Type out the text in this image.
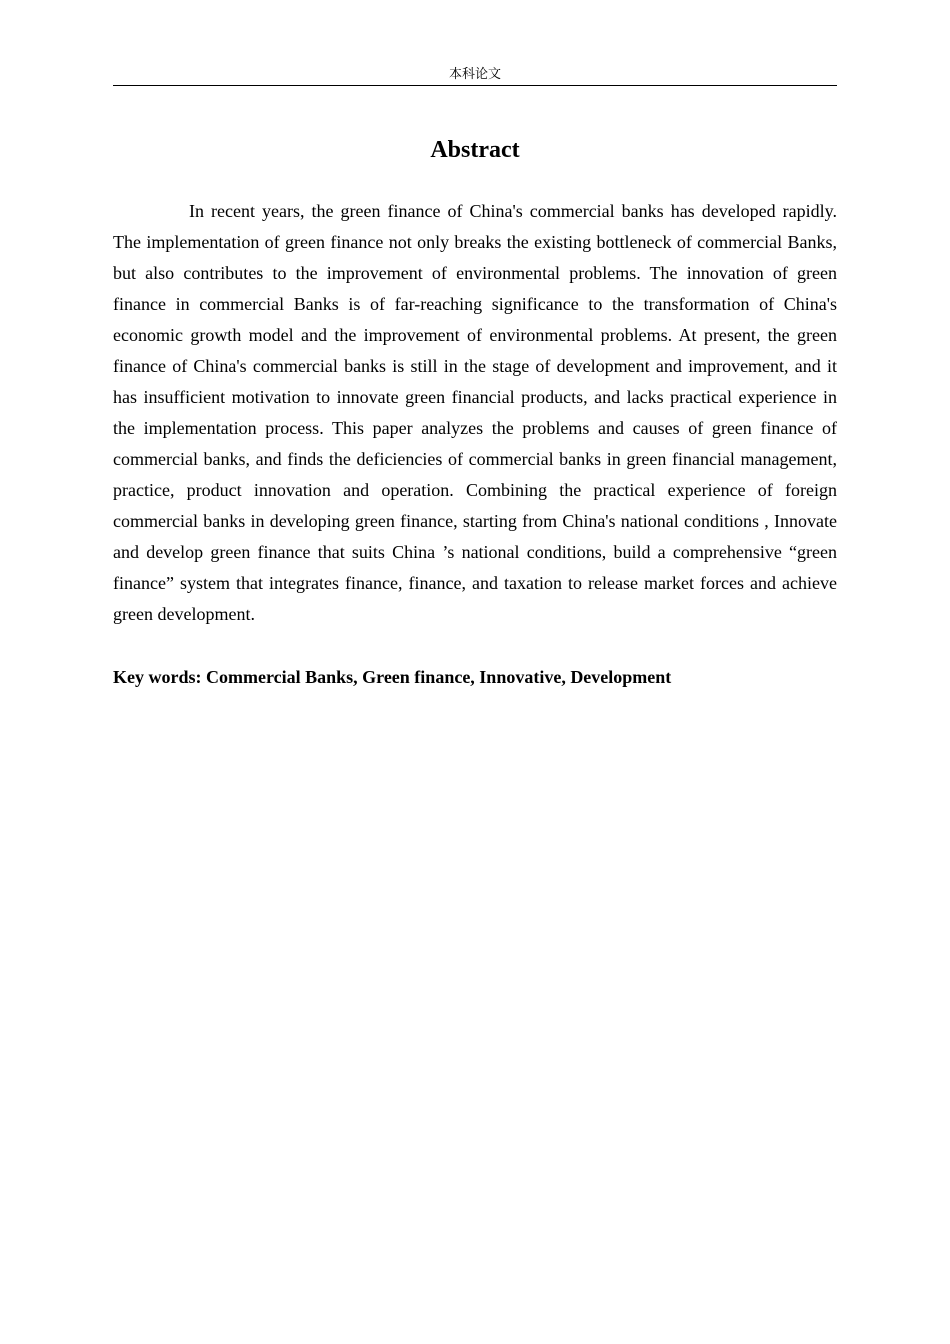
本科论文
Abstract

In recent years, the green finance of China's commercial banks has developed rapidly. The implementation of green finance not only breaks the existing bottleneck of commercial Banks, but also contributes to the improvement of environmental problems. The innovation of green finance in commercial Banks is of far-reaching significance to the transformation of China's economic growth model and the improvement of environmental problems. At present, the green finance of China's commercial banks is still in the stage of development and improvement, and it has insufficient motivation to innovate green financial products, and lacks practical experience in the implementation process. This paper analyzes the problems and causes of green finance of commercial banks, and finds the deficiencies of commercial banks in green financial management, practice, product innovation and operation. Combining the practical experience of foreign commercial banks in developing green finance, starting from China's national conditions , Innovate and develop green finance that suits China ’s national conditions, build a comprehensive “green finance” system that integrates finance, finance, and taxation to release market forces and achieve green development.

Key words: Commercial Banks, Green finance, Innovative, Development
